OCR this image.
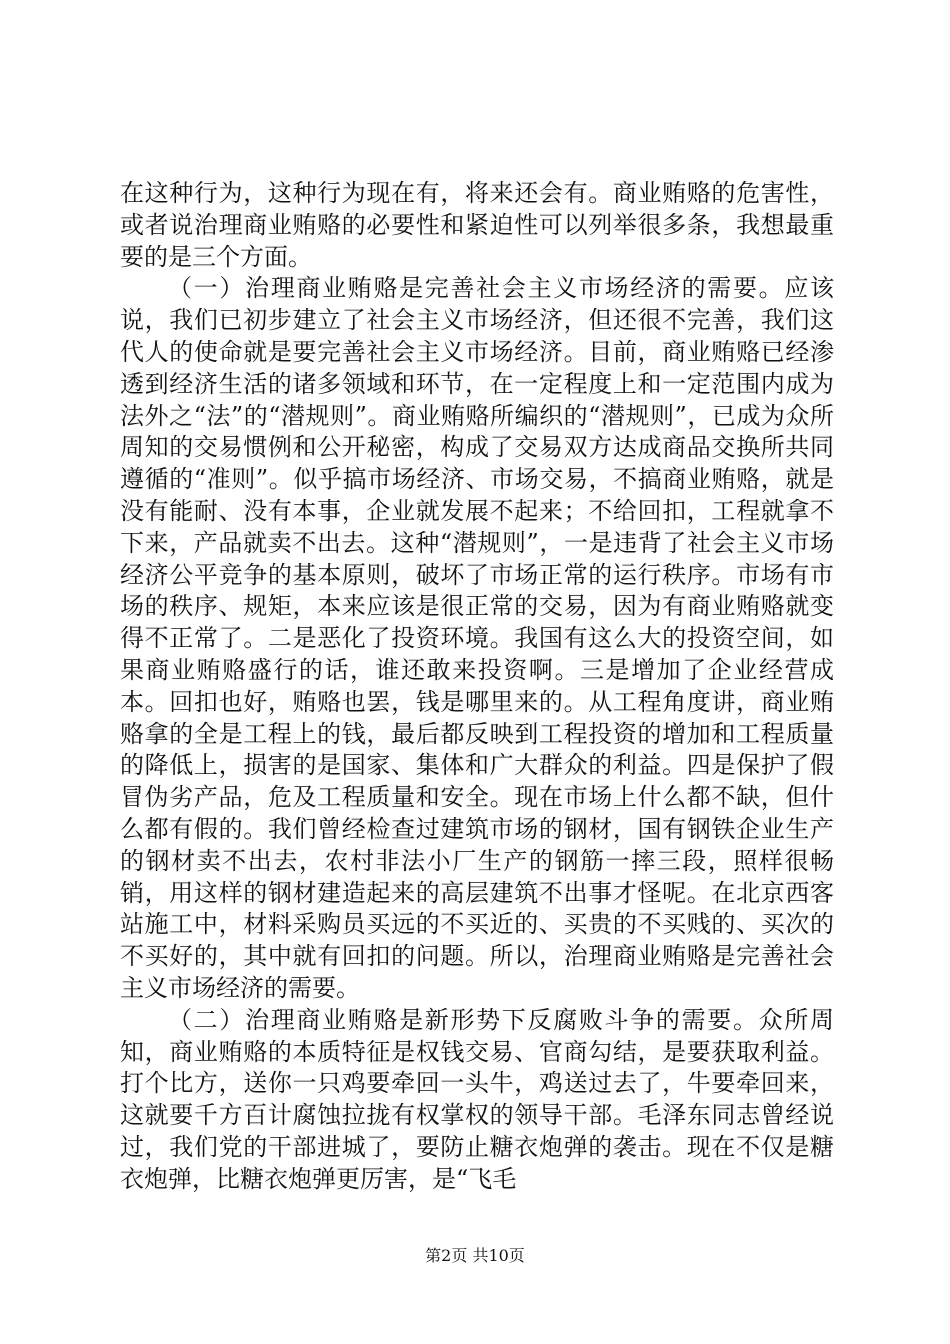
在这种行为，这种行为现在有，将来还会有。商业贿赂的危害性，或者说治理商业贿赂的必要性和紧迫性可以列举很多条，我想最重要的是三个方面。

（一）治理商业贿赂是完善社会主义市场经济的需要。应该说，我们已初步建立了社会主义市场经济，但还很不完善，我们这代人的使命就是要完善社会主义市场经济。目前，商业贿赂已经渗透到经济生活的诸多领域和环节，在一定程度上和一定范围内成为法外之“法”的“潜规则”。商业贿赂所编织的“潜规则”，已成为众所周知的交易惯例和公开秘密，构成了交易双方达成商品交换所共同遵循的“准则”。似乎搞市场经济、市场交易，不搞商业贿赂，就是没有能耐、没有本事，企业就发展不起来；不给回扣，工程就拿不下来，产品就卖不出去。这种“潜规则”，一是违背了社会主义市场经济公平竞争的基本原则，破坏了市场正常的运行秩序。市场有市场的秩序、规矩，本来应该是很正常的交易，因为有商业贿赂就变得不正常了。二是恶化了投资环境。我国有这么大的投资空间，如果商业贿赂盛行的话，谁还敢来投资啊。三是增加了企业经营成本。回扣也好，贿赂也罢，钱是哪里来的。从工程角度讲，商业贿赂拿的全是工程上的钱，最后都反映到工程投资的增加和工程质量的降低上，损害的是国家、集体和广大群众的利益。四是保护了假冒伪劣产品，危及工程质量和安全。现在市场上什么都不缺，但什么都有假的。我们曾经检查过建筑市场的钢材，国有钢铁企业生产的钢材卖不出去，农村非法小厂生产的钢筋一摔三段，照样很畅销，用这样的钢材建造起来的高层建筑不出事才怪呢。在北京西客站施工中，材料采购员买远的不买近的、买贵的不买贱的、买次的不买好的，其中就有回扣的问题。所以，治理商业贿赂是完善社会主义市场经济的需要。

（二）治理商业贿赂是新形势下反腐败斗争的需要。众所周知，商业贿赂的本质特征是权钱交易、官商勾结，是要获取利益。打个比方，送你一只鸡要牵回一头牛，鸡送过去了，牛要牵回来，这就要千方百计腐蚀拉拢有权掌权的领导干部。毛泽东同志曾经说过，我们党的干部进城了，要防止糖衣炮弹的袭击。现在不仅是糖衣炮弹，比糖衣炮弹更厉害，是“飞毛

第2页 共10页
